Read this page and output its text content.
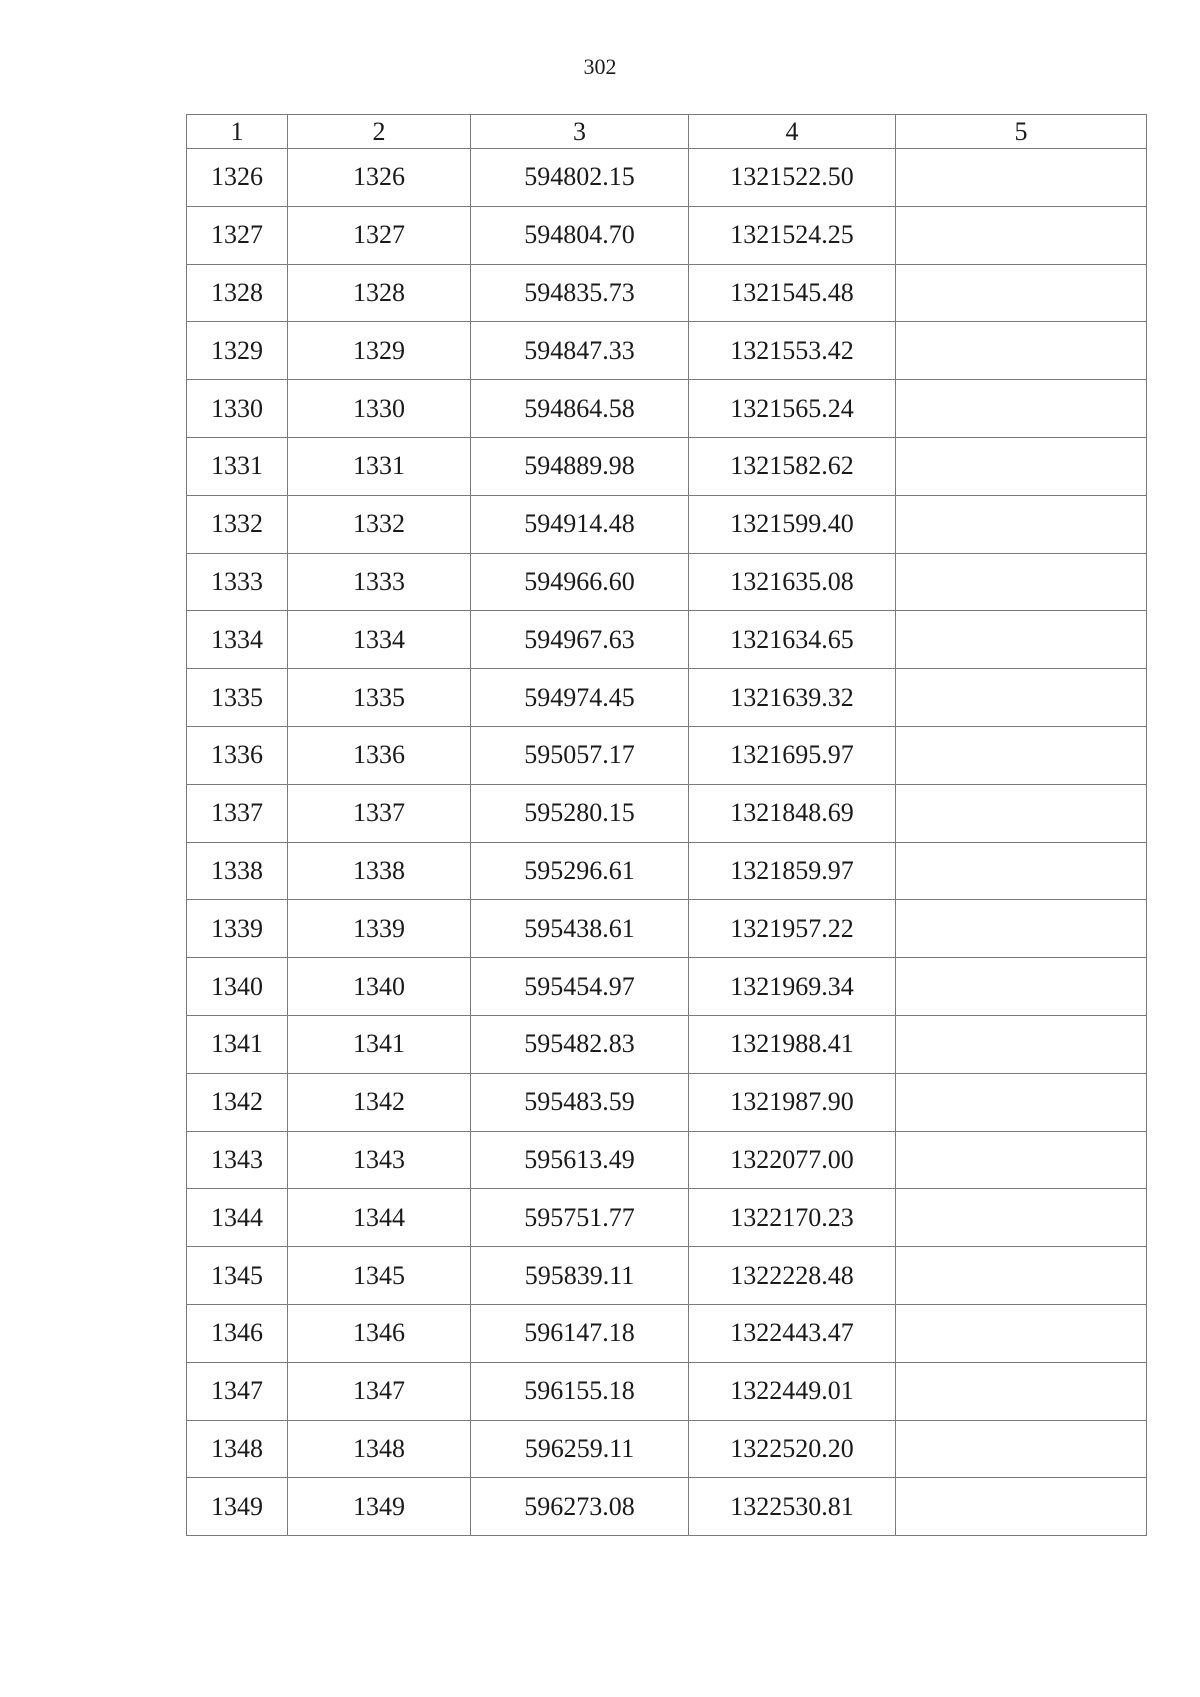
302
1	2	3	4	5
1326	1326	594802.15	1321522.50	
1327	1327	594804.70	1321524.25	
1328	1328	594835.73	1321545.48	
1329	1329	594847.33	1321553.42	
1330	1330	594864.58	1321565.24	
1331	1331	594889.98	1321582.62	
1332	1332	594914.48	1321599.40	
1333	1333	594966.60	1321635.08	
1334	1334	594967.63	1321634.65	
1335	1335	594974.45	1321639.32	
1336	1336	595057.17	1321695.97	
1337	1337	595280.15	1321848.69	
1338	1338	595296.61	1321859.97	
1339	1339	595438.61	1321957.22	
1340	1340	595454.97	1321969.34	
1341	1341	595482.83	1321988.41	
1342	1342	595483.59	1321987.90	
1343	1343	595613.49	1322077.00	
1344	1344	595751.77	1322170.23	
1345	1345	595839.11	1322228.48	
1346	1346	596147.18	1322443.47	
1347	1347	596155.18	1322449.01	
1348	1348	596259.11	1322520.20	
1349	1349	596273.08	1322530.81	
